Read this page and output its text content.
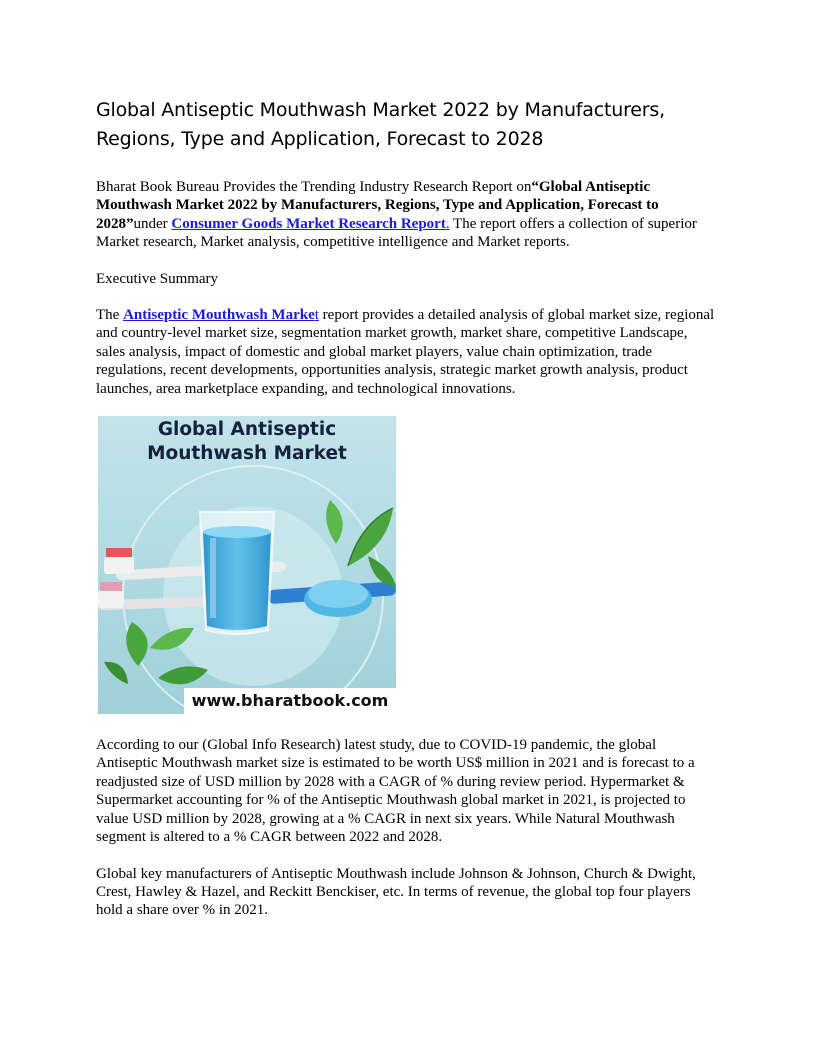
Global Antiseptic Mouthwash Market 2022 by Manufacturers, Regions, Type and Application, Forecast to 2028

Bharat Book Bureau Provides the Trending Industry Research Report on“Global Antiseptic Mouthwash Market 2022 by Manufacturers, Regions, Type and Application, Forecast to 2028”under Consumer Goods Market Research Report. The report offers a collection of superior Market research, Market analysis, competitive intelligence and Market reports.

Executive Summary

The Antiseptic Mouthwash Market report provides a detailed analysis of global market size, regional and country-level market size, segmentation market growth, market share, competitive Landscape, sales analysis, impact of domestic and global market players, value chain optimization, trade regulations, recent developments, opportunities analysis, strategic market growth analysis, product launches, area marketplace expanding, and technological innovations.

Global Antiseptic Mouthwash Market
www.bharatbook.com

According to our (Global Info Research) latest study, due to COVID-19 pandemic, the global Antiseptic Mouthwash market size is estimated to be worth US$ million in 2021 and is forecast to a readjusted size of USD million by 2028 with a CAGR of % during review period. Hypermarket & Supermarket accounting for % of the Antiseptic Mouthwash global market in 2021, is projected to value USD million by 2028, growing at a % CAGR in next six years. While Natural Mouthwash segment is altered to a % CAGR between 2022 and 2028.

Global key manufacturers of Antiseptic Mouthwash include Johnson & Johnson, Church & Dwight, Crest, Hawley & Hazel, and Reckitt Benckiser, etc. In terms of revenue, the global top four players hold a share over % in 2021.
